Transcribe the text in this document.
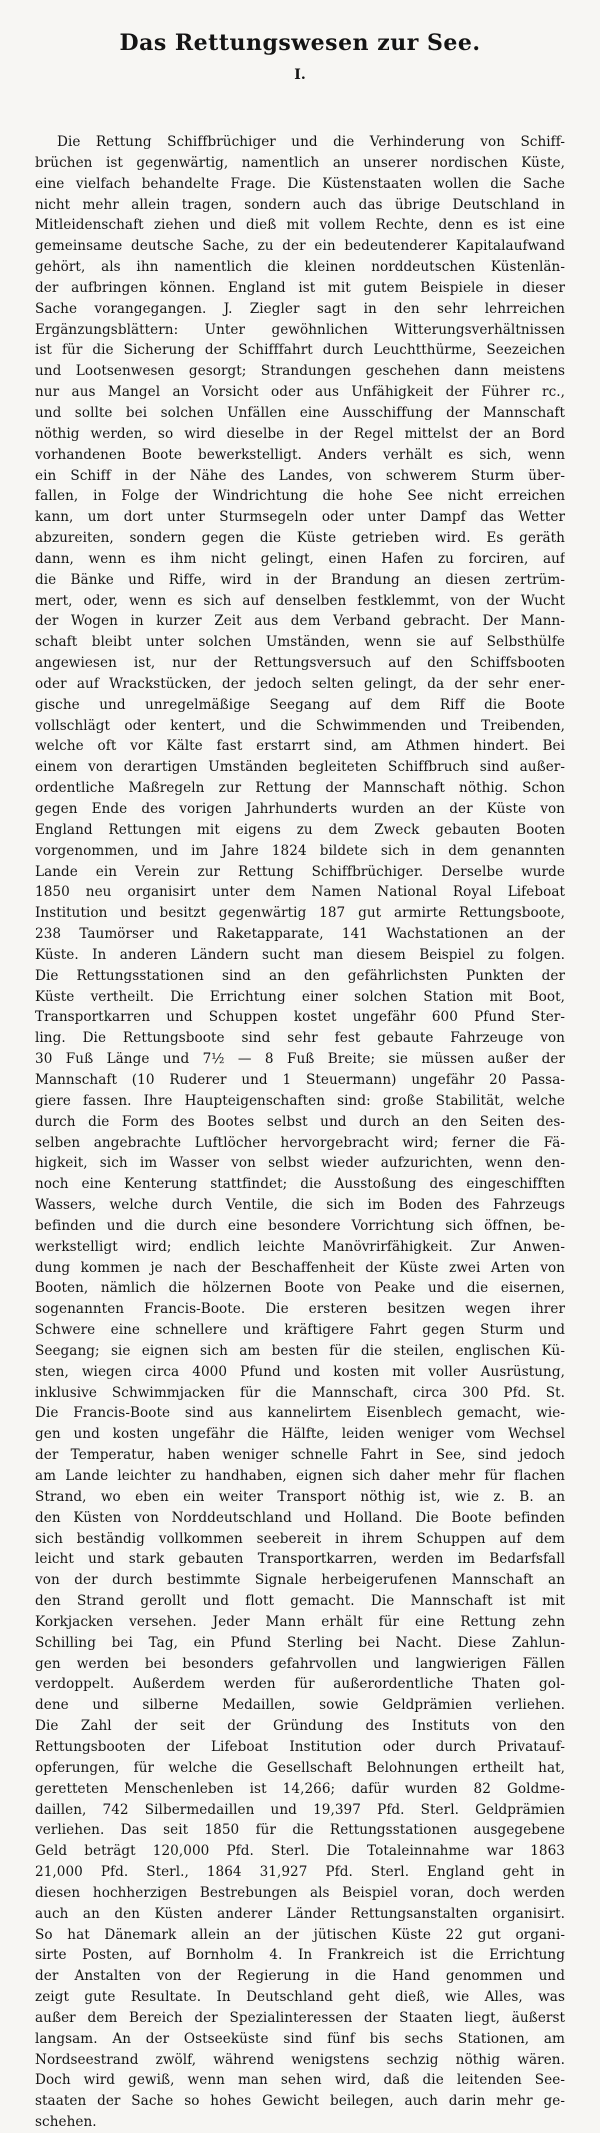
Das Rettungswesen zur See.
I.
Die Rettung Schiffbrüchiger und die Verhinderung von Schiff-
brüchen ist gegenwärtig, namentlich an unserer nordischen Küste,
eine vielfach behandelte Frage. Die Küstenstaaten wollen die Sache
nicht mehr allein tragen, sondern auch das übrige Deutschland in
Mitleidenschaft ziehen und dieß mit vollem Rechte, denn es ist eine
gemeinsame deutsche Sache, zu der ein bedeutenderer Kapitalaufwand
gehört, als ihn namentlich die kleinen norddeutschen Küstenlän-
der aufbringen können. England ist mit gutem Beispiele in dieser
Sache vorangegangen. J. Ziegler sagt in den sehr lehrreichen
Ergänzungsblättern: Unter gewöhnlichen Witterungsverhältnissen
ist für die Sicherung der Schifffahrt durch Leuchtthürme, Seezeichen
und Lootsenwesen gesorgt; Strandungen geschehen dann meistens
nur aus Mangel an Vorsicht oder aus Unfähigkeit der Führer rc.,
und sollte bei solchen Unfällen eine Ausschiffung der Mannschaft
nöthig werden, so wird dieselbe in der Regel mittelst der an Bord
vorhandenen Boote bewerkstelligt. Anders verhält es sich, wenn
ein Schiff in der Nähe des Landes, von schwerem Sturm über-
fallen, in Folge der Windrichtung die hohe See nicht erreichen
kann, um dort unter Sturmsegeln oder unter Dampf das Wetter
abzureiten, sondern gegen die Küste getrieben wird. Es geräth
dann, wenn es ihm nicht gelingt, einen Hafen zu forciren, auf
die Bänke und Riffe, wird in der Brandung an diesen zertrüm-
mert, oder, wenn es sich auf denselben festklemmt, von der Wucht
der Wogen in kurzer Zeit aus dem Verband gebracht. Der Mann-
schaft bleibt unter solchen Umständen, wenn sie auf Selbsthülfe
angewiesen ist, nur der Rettungsversuch auf den Schiffsbooten
oder auf Wrackstücken, der jedoch selten gelingt, da der sehr ener-
gische und unregelmäßige Seegang auf dem Riff die Boote
vollschlägt oder kentert, und die Schwimmenden und Treibenden,
welche oft vor Kälte fast erstarrt sind, am Athmen hindert. Bei
einem von derartigen Umständen begleiteten Schiffbruch sind außer-
ordentliche Maßregeln zur Rettung der Mannschaft nöthig. Schon
gegen Ende des vorigen Jahrhunderts wurden an der Küste von
England Rettungen mit eigens zu dem Zweck gebauten Booten
vorgenommen, und im Jahre 1824 bildete sich in dem genannten
Lande ein Verein zur Rettung Schiffbrüchiger. Derselbe wurde
1850 neu organisirt unter dem Namen National Royal Lifeboat
Institution und besitzt gegenwärtig 187 gut armirte Rettungsboote,
238 Taumörser und Raketapparate, 141 Wachstationen an der
Küste. In anderen Ländern sucht man diesem Beispiel zu folgen.
Die Rettungsstationen sind an den gefährlichsten Punkten der
Küste vertheilt. Die Errichtung einer solchen Station mit Boot,
Transportkarren und Schuppen kostet ungefähr 600 Pfund Ster-
ling. Die Rettungsboote sind sehr fest gebaute Fahrzeuge von
30 Fuß Länge und 7½ — 8 Fuß Breite; sie müssen außer der
Mannschaft (10 Ruderer und 1 Steuermann) ungefähr 20 Passa-
giere fassen. Ihre Haupteigenschaften sind: große Stabilität, welche
durch die Form des Bootes selbst und durch an den Seiten des-
selben angebrachte Luftlöcher hervorgebracht wird; ferner die Fä-
higkeit, sich im Wasser von selbst wieder aufzurichten, wenn den-
noch eine Kenterung stattfindet; die Ausstoßung des eingeschifften
Wassers, welche durch Ventile, die sich im Boden des Fahrzeugs
befinden und die durch eine besondere Vorrichtung sich öffnen, be-
werkstelligt wird; endlich leichte Manövrirfähigkeit. Zur Anwen-
dung kommen je nach der Beschaffenheit der Küste zwei Arten von
Booten, nämlich die hölzernen Boote von Peake und die eisernen,
sogenannten Francis-Boote. Die ersteren besitzen wegen ihrer
Schwere eine schnellere und kräftigere Fahrt gegen Sturm und
Seegang; sie eignen sich am besten für die steilen, englischen Kü-
sten, wiegen circa 4000 Pfund und kosten mit voller Ausrüstung,
inklusive Schwimmjacken für die Mannschaft, circa 300 Pfd. St.
Die Francis-Boote sind aus kannelirtem Eisenblech gemacht, wie-
gen und kosten ungefähr die Hälfte, leiden weniger vom Wechsel
der Temperatur, haben weniger schnelle Fahrt in See, sind jedoch
am Lande leichter zu handhaben, eignen sich daher mehr für flachen
Strand, wo eben ein weiter Transport nöthig ist, wie z. B. an
den Küsten von Norddeutschland und Holland. Die Boote befinden
sich beständig vollkommen seebereit in ihrem Schuppen auf dem
leicht und stark gebauten Transportkarren, werden im Bedarfsfall
von der durch bestimmte Signale herbeigerufenen Mannschaft an
den Strand gerollt und flott gemacht. Die Mannschaft ist mit
Korkjacken versehen. Jeder Mann erhält für eine Rettung zehn
Schilling bei Tag, ein Pfund Sterling bei Nacht. Diese Zahlun-
gen werden bei besonders gefahrvollen und langwierigen Fällen
verdoppelt. Außerdem werden für außerordentliche Thaten gol-
dene und silberne Medaillen, sowie Geldprämien verliehen.
Die Zahl der seit der Gründung des Instituts von den
Rettungsbooten der Lifeboat Institution oder durch Privatauf-
opferungen, für welche die Gesellschaft Belohnungen ertheilt hat,
geretteten Menschenleben ist 14,266; dafür wurden 82 Goldme-
daillen, 742 Silbermedaillen und 19,397 Pfd. Sterl. Geldprämien
verliehen. Das seit 1850 für die Rettungsstationen ausgegebene
Geld beträgt 120,000 Pfd. Sterl. Die Totaleinnahme war 1863
21,000 Pfd. Sterl., 1864 31,927 Pfd. Sterl. England geht in
diesen hochherzigen Bestrebungen als Beispiel voran, doch werden
auch an den Küsten anderer Länder Rettungsanstalten organisirt.
So hat Dänemark allein an der jütischen Küste 22 gut organi-
sirte Posten, auf Bornholm 4. In Frankreich ist die Errichtung
der Anstalten von der Regierung in die Hand genommen und
zeigt gute Resultate. In Deutschland geht dieß, wie Alles, was
außer dem Bereich der Spezialinteressen der Staaten liegt, äußerst
langsam. An der Ostseeküste sind fünf bis sechs Stationen, am
Nordseestrand zwölf, während wenigstens sechzig nöthig wären.
Doch wird gewiß, wenn man sehen wird, daß die leitenden See-
staaten der Sache so hohes Gewicht beilegen, auch darin mehr ge-
schehen.
